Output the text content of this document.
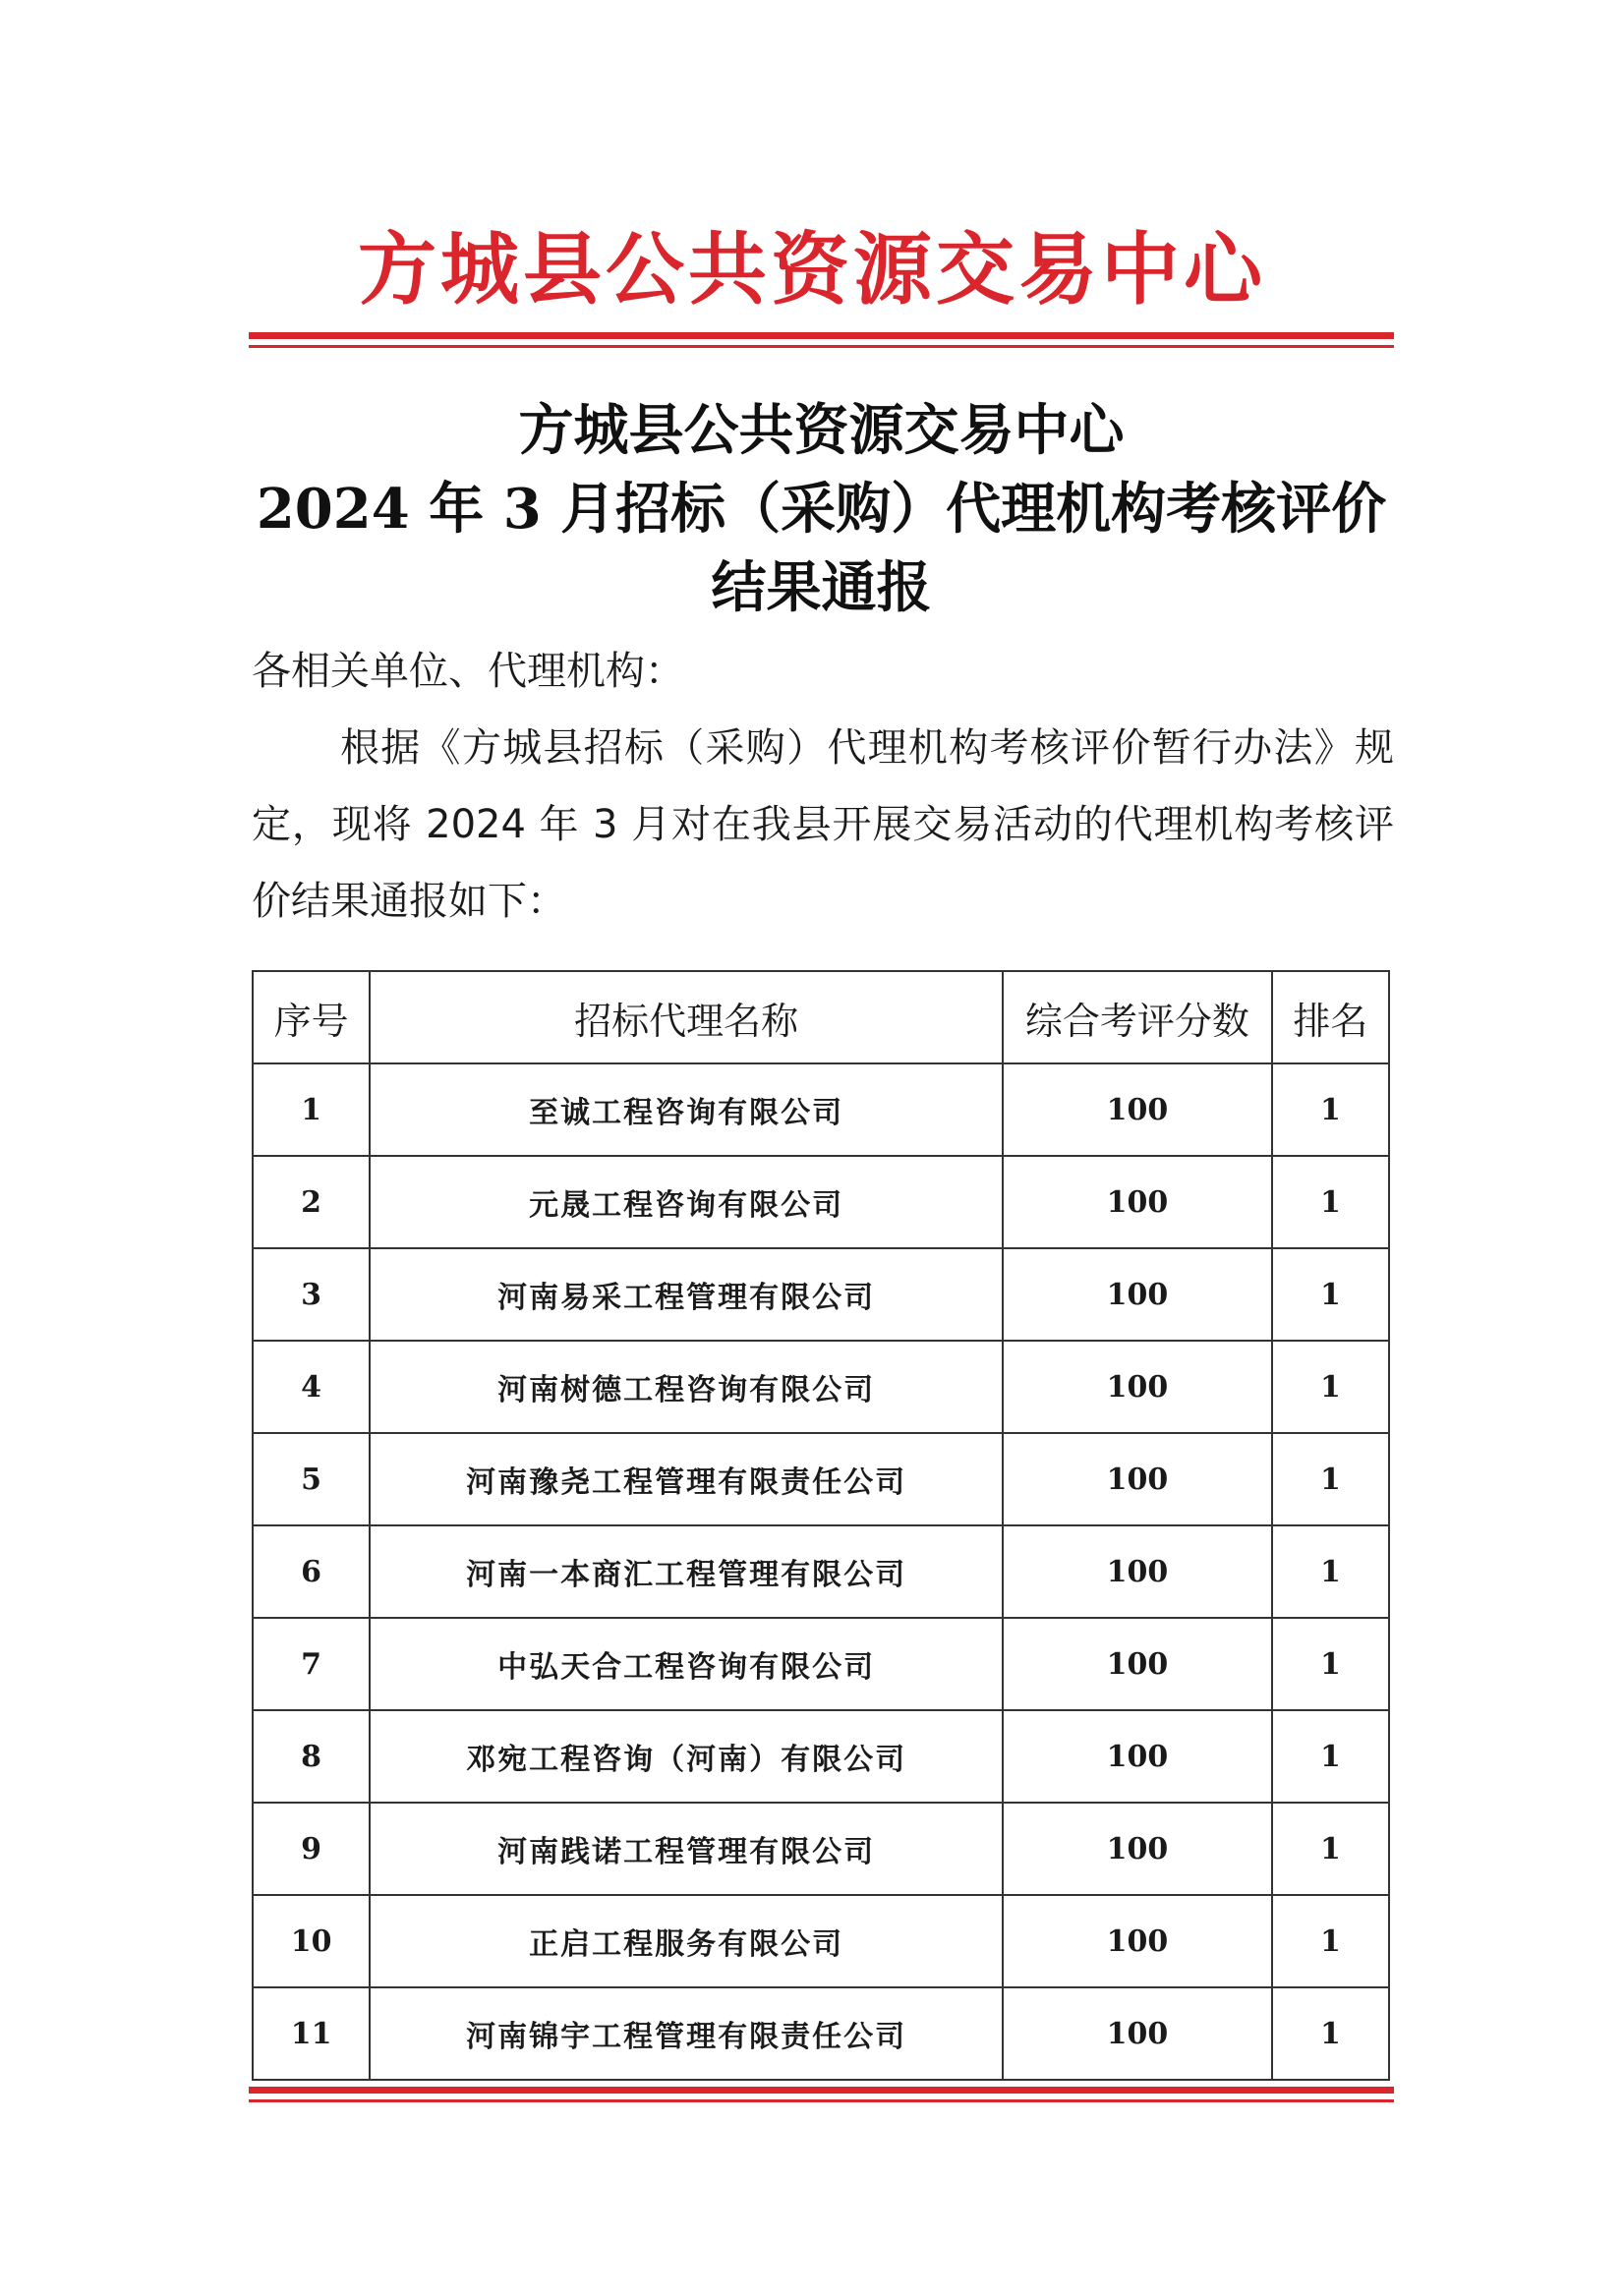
方城县公共资源交易中心
方城县公共资源交易中心
2024 年 3 月招标（采购）代理机构考核评价
结果通报
各相关单位、代理机构：
根据《方城县招标（采购）代理机构考核评价暂行办法》规定，现将 2024 年 3 月对在我县开展交易活动的代理机构考核评价结果通报如下：
序号	招标代理名称	综合考评分数	排名
1	至诚工程咨询有限公司	100	1
2	元晟工程咨询有限公司	100	1
3	河南易采工程管理有限公司	100	1
4	河南树德工程咨询有限公司	100	1
5	河南豫尧工程管理有限责任公司	100	1
6	河南一本商汇工程管理有限公司	100	1
7	中弘天合工程咨询有限公司	100	1
8	邓宛工程咨询（河南）有限公司	100	1
9	河南践诺工程管理有限公司	100	1
10	正启工程服务有限公司	100	1
11	河南锦宇工程管理有限责任公司	100	1
